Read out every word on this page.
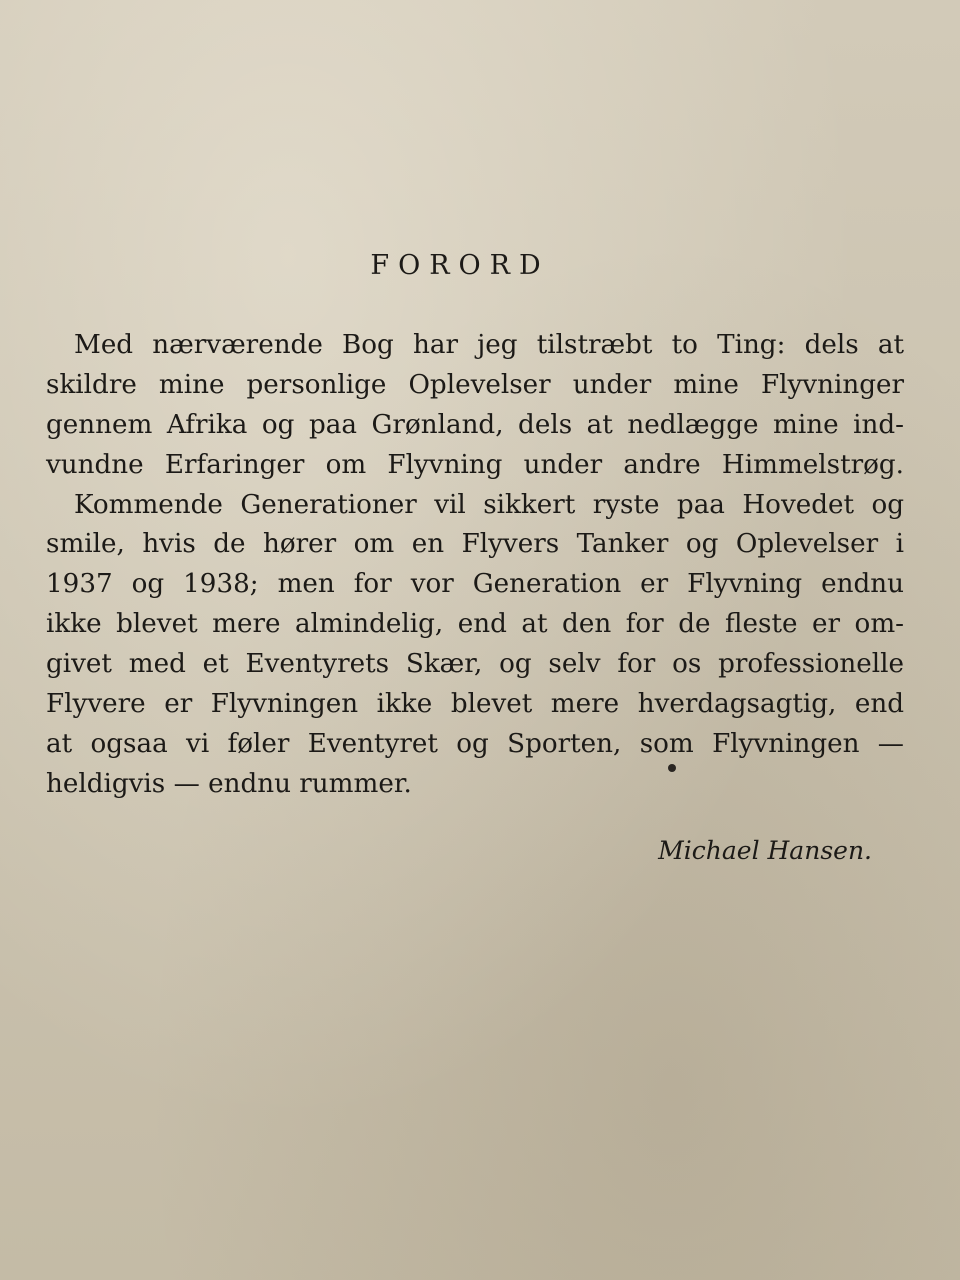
FORORD
Med nærværende Bog har jeg tilstræbt to Ting: dels at
skildre mine personlige Oplevelser under mine Flyvninger
gennem Afrika og paa Grønland, dels at nedlægge mine ind-
vundne Erfaringer om Flyvning under andre Himmelstrøg.
Kommende Generationer vil sikkert ryste paa Hovedet og
smile, hvis de hører om en Flyvers Tanker og Oplevelser i
1937 og 1938; men for vor Generation er Flyvning endnu
ikke blevet mere almindelig, end at den for de fleste er om-
givet med et Eventyrets Skær, og selv for os professionelle
Flyvere er Flyvningen ikke blevet mere hverdagsagtig, end
at ogsaa vi føler Eventyret og Sporten, som Flyvningen —
heldigvis — endnu rummer.
Michael Hansen.
